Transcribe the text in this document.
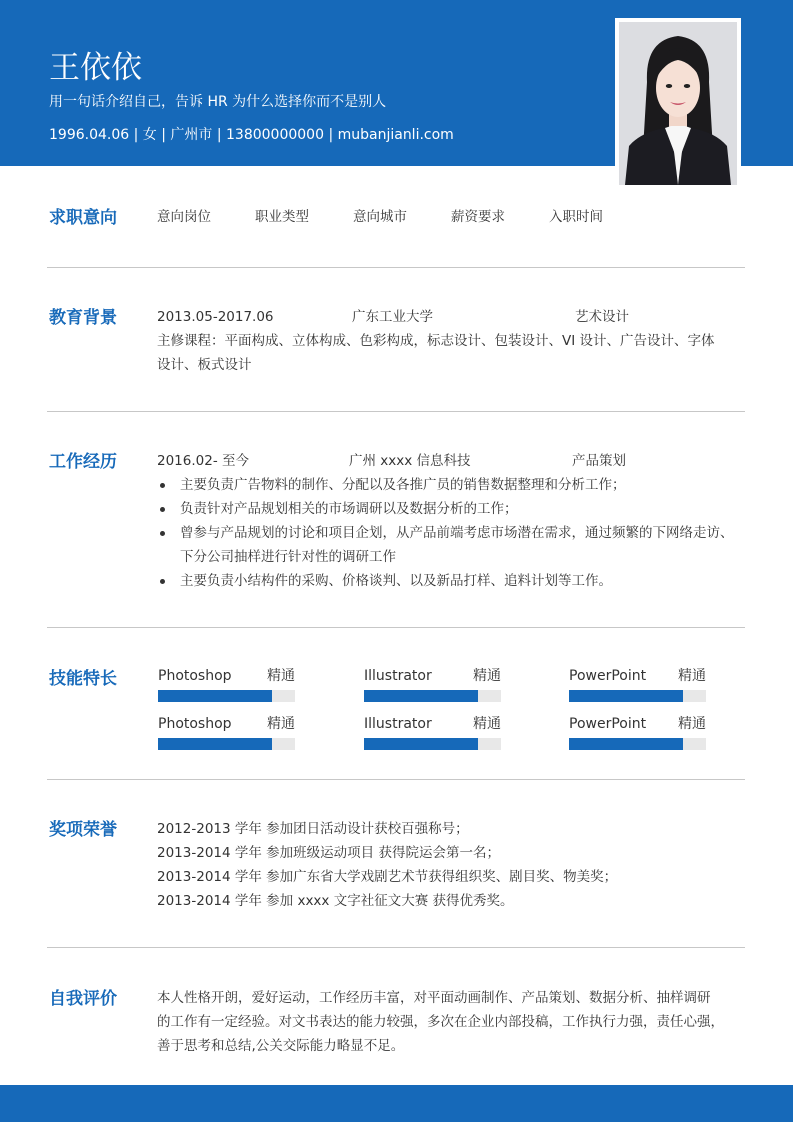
王依依
用一句话介绍自己，告诉 HR 为什么选择你而不是别人
1996.04.06 | 女 | 广州市 | 13800000000 | mubanjianli.com
求职意向	意向岗位	职业类型	意向城市	薪资要求	入职时间
教育背景	2013.05-2017.06	广东工业大学	艺术设计
主修课程：平面构成、立体构成、色彩构成，标志设计、包装设计、VI 设计、广告设计、字体
设计、板式设计
工作经历	2016.02- 至今	广州 xxxx 信息科技	产品策划
主要负责广告物料的制作、分配以及各推广员的销售数据整理和分析工作；
负责针对产品规划相关的市场调研以及数据分析的工作；
曾参与产品规划的讨论和项目企划，从产品前端考虑市场潜在需求，通过频繁的下网络走访、
下分公司抽样进行针对性的调研工作
主要负责小结构件的采购、价格谈判、以及新品打样、追料计划等工作。
技能特长	Photoshop	精通	Illustrator	精通	PowerPoint 精通
Photoshop	精通	Illustrator	精通	PowerPoint 精通
奖项荣誉	2012-2013 学年 参加团日活动设计获校百强称号；
2013-2014 学年 参加班级运动项目 获得院运会第一名；
2013-2014 学年 参加广东省大学戏剧艺术节获得组织奖、剧目奖、物美奖；
2013-2014 学年 参加 xxxx 文字社征文大赛 获得优秀奖。
自我评价	本人性格开朗，爱好运动，工作经历丰富，对平面动画制作、产品策划、数据分析、抽样调研
的工作有一定经验。对文书表达的能力较强，多次在企业内部投稿，工作执行力强，责任心强，
善于思考和总结,公关交际能力略显不足。
